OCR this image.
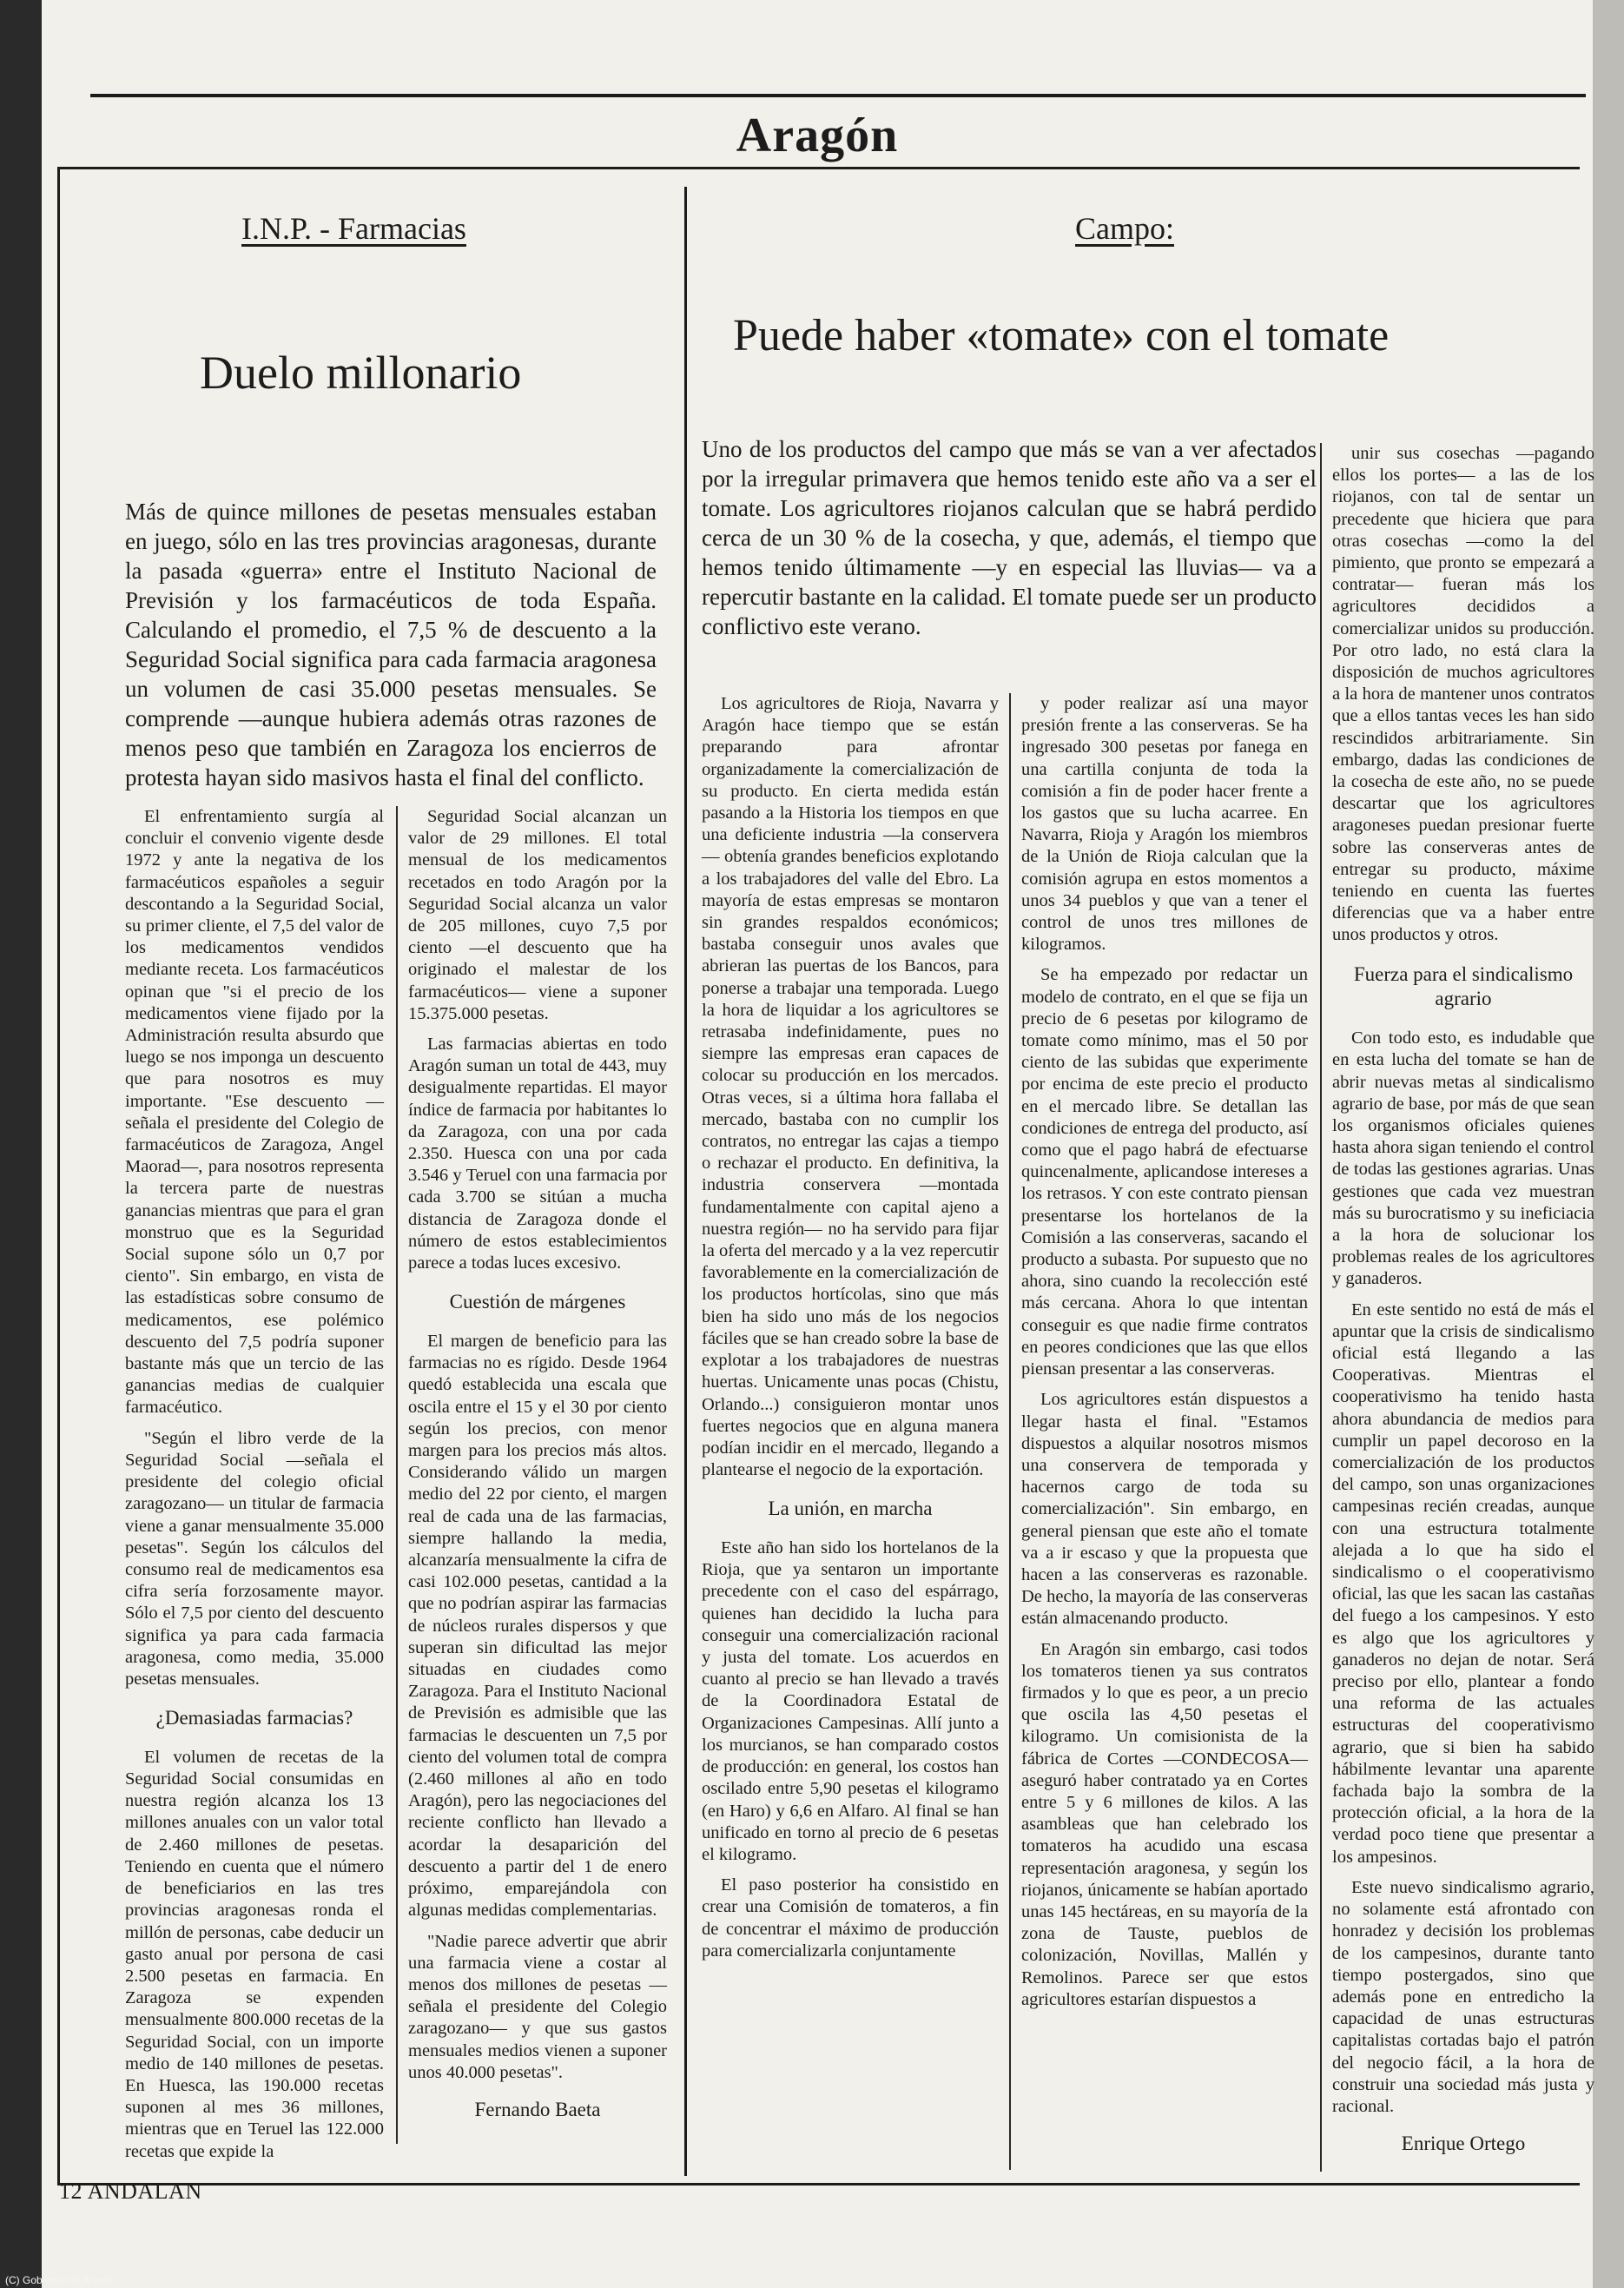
Aragón
I.N.P. - Farmacias
Duelo millonario

Más de quince millones de pesetas mensuales estaban en juego, sólo en las tres provincias aragonesas, durante la pasada «guerra» entre el Instituto Nacional de Previsión y los farmacéuticos de toda España. Calculando el promedio, el 7,5 % de descuento a la Seguridad Social significa para cada farmacia aragonesa un volumen de casi 35.000 pesetas mensuales. Se comprende —aunque hubiera además otras razones de menos peso que también en Zaragoza los encierros de protesta hayan sido masivos hasta el final del conflicto.

El enfrentamiento surgía al concluir el convenio vigente desde 1972 y ante la negativa de los farmacéuticos españoles a seguir descontando a la Seguridad Social, su primer cliente, el 7,5 del valor de los medicamentos vendidos mediante receta. Los farmacéuticos opinan que "si el precio de los medicamentos viene fijado por la Administración resulta absurdo que luego se nos imponga un descuento que para nosotros es muy importante. "Ese descuento —señala el presidente del Colegio de farmacéuticos de Zaragoza, Angel Maorad—, para nosotros representa la tercera parte de nuestras ganancias mientras que para el gran monstruo que es la Seguridad Social supone sólo un 0,7 por ciento". Sin embargo, en vista de las estadísticas sobre consumo de medicamentos, ese polémico descuento del 7,5 podría suponer bastante más que un tercio de las ganancias medias de cualquier farmacéutico.

"Según el libro verde de la Seguridad Social —señala el presidente del colegio oficial zaragozano— un titular de farmacia viene a ganar mensualmente 35.000 pesetas". Según los cálculos del consumo real de medicamentos esa cifra sería forzosamente mayor. Sólo el 7,5 por ciento del descuento significa ya para cada farmacia aragonesa, como media, 35.000 pesetas mensuales.

¿Demasiadas farmacias?

El volumen de recetas de la Seguridad Social consumidas en nuestra región alcanza los 13 millones anuales con un valor total de 2.460 millones de pesetas. Teniendo en cuenta que el número de beneficiarios en las tres provincias aragonesas ronda el millón de personas, cabe deducir un gasto anual por persona de casi 2.500 pesetas en farmacia. En Zaragoza se expenden mensualmente 800.000 recetas de la Seguridad Social, con un importe medio de 140 millones de pesetas. En Huesca, las 190.000 recetas suponen al mes 36 millones, mientras que en Teruel las 122.000 recetas que expide la

Seguridad Social alcanzan un valor de 29 millones. El total mensual de los medicamentos recetados en todo Aragón por la Seguridad Social alcanza un valor de 205 millones, cuyo 7,5 por ciento —el descuento que ha originado el malestar de los farmacéuticos— viene a suponer 15.375.000 pesetas.

Las farmacias abiertas en todo Aragón suman un total de 443, muy desigualmente repartidas. El mayor índice de farmacia por habitantes lo da Zaragoza, con una por cada 2.350. Huesca con una por cada 3.546 y Teruel con una farmacia por cada 3.700 se sitúan a mucha distancia de Zaragoza donde el número de estos establecimientos parece a todas luces excesivo.

Cuestión de márgenes

El margen de beneficio para las farmacias no es rígido. Desde 1964 quedó establecida una escala que oscila entre el 15 y el 30 por ciento según los precios, con menor margen para los precios más altos. Considerando válido un margen medio del 22 por ciento, el margen real de cada una de las farmacias, siempre hallando la media, alcanzaría mensualmente la cifra de casi 102.000 pesetas, cantidad a la que no podrían aspirar las farmacias de núcleos rurales dispersos y que superan sin dificultad las mejor situadas en ciudades como Zaragoza. Para el Instituto Nacional de Previsión es admisible que las farmacias le descuenten un 7,5 por ciento del volumen total de compra (2.460 millones al año en todo Aragón), pero las negociaciones del reciente conflicto han llevado a acordar la desaparición del descuento a partir del 1 de enero próximo, emparejándola con algunas medidas complementarias.

"Nadie parece advertir que abrir una farmacia viene a costar al menos dos millones de pesetas —señala el presidente del Colegio zaragozano— y que sus gastos mensuales medios vienen a suponer unos 40.000 pesetas".

Fernando Baeta
Campo:
Puede haber «tomate» con el tomate

Uno de los productos del campo que más se van a ver afectados por la irregular primavera que hemos tenido este año va a ser el tomate. Los agricultores riojanos calculan que se habrá perdido cerca de un 30 % de la cosecha, y que, además, el tiempo que hemos tenido últimamente —y en especial las lluvias— va a repercutir bastante en la calidad. El tomate puede ser un producto conflictivo este verano.

Los agricultores de Rioja, Navarra y Aragón hace tiempo que se están preparando para afrontar organizadamente la comercialización de su producto. En cierta medida están pasando a la Historia los tiempos en que una deficiente industria —la conservera— obtenía grandes beneficios explotando a los trabajadores del valle del Ebro. La mayoría de estas empresas se montaron sin grandes respaldos económicos; bastaba conseguir unos avales que abrieran las puertas de los Bancos, para ponerse a trabajar una temporada. Luego la hora de liquidar a los agricultores se retrasaba indefinidamente, pues no siempre las empresas eran capaces de colocar su producción en los mercados. Otras veces, si a última hora fallaba el mercado, bastaba con no cumplir los contratos, no entregar las cajas a tiempo o rechazar el producto. En definitiva, la industria conservera —montada fundamentalmente con capital ajeno a nuestra región— no ha servido para fijar la oferta del mercado y a la vez repercutir favorablemente en la comercialización de los productos hortícolas, sino que más bien ha sido uno más de los negocios fáciles que se han creado sobre la base de explotar a los trabajadores de nuestras huertas. Unicamente unas pocas (Chistu, Orlando...) consiguieron montar unos fuertes negocios que en alguna manera podían incidir en el mercado, llegando a plantearse el negocio de la exportación.

La unión, en marcha

Este año han sido los hortelanos de la Rioja, que ya sentaron un importante precedente con el caso del espárrago, quienes han decidido la lucha para conseguir una comercialización racional y justa del tomate. Los acuerdos en cuanto al precio se han llevado a través de la Coordinadora Estatal de Organizaciones Campesinas. Allí junto a los murcianos, se han comparado costos de producción: en general, los costos han oscilado entre 5,90 pesetas el kilogramo (en Haro) y 6,6 en Alfaro. Al final se han unificado en torno al precio de 6 pesetas el kilogramo.

El paso posterior ha consistido en crear una Comisión de tomateros, a fin de concentrar el máximo de producción para comercializarla conjuntamente

y poder realizar así una mayor presión frente a las conserveras. Se ha ingresado 300 pesetas por fanega en una cartilla conjunta de toda la comisión a fin de poder hacer frente a los gastos que su lucha acarree. En Navarra, Rioja y Aragón los miembros de la Unión de Rioja calculan que la comisión agrupa en estos momentos a unos 34 pueblos y que van a tener el control de unos tres millones de kilogramos.

Se ha empezado por redactar un modelo de contrato, en el que se fija un precio de 6 pesetas por kilogramo de tomate como mínimo, mas el 50 por ciento de las subidas que experimente por encima de este precio el producto en el mercado libre. Se detallan las condiciones de entrega del producto, así como que el pago habrá de efectuarse quincenalmente, aplicandose intereses a los retrasos. Y con este contrato piensan presentarse los hortelanos de la Comisión a las conserveras, sacando el producto a subasta. Por supuesto que no ahora, sino cuando la recolección esté más cercana. Ahora lo que intentan conseguir es que nadie firme contratos en peores condiciones que las que ellos piensan presentar a las conserveras.

Los agricultores están dispuestos a llegar hasta el final. "Estamos dispuestos a alquilar nosotros mismos una conservera de temporada y hacernos cargo de toda su comercialización". Sin embargo, en general piensan que este año el tomate va a ir escaso y que la propuesta que hacen a las conserveras es razonable. De hecho, la mayoría de las conserveras están almacenando producto.

En Aragón sin embargo, casi todos los tomateros tienen ya sus contratos firmados y lo que es peor, a un precio que oscila las 4,50 pesetas el kilogramo. Un comisionista de la fábrica de Cortes —CONDECOSA— aseguró haber contratado ya en Cortes entre 5 y 6 millones de kilos. A las asambleas que han celebrado los tomateros ha acudido una escasa representación aragonesa, y según los riojanos, únicamente se habían aportado unas 145 hectáreas, en su mayoría de la zona de Tauste, pueblos de colonización, Novillas, Mallén y Remolinos. Parece ser que estos agricultores estarían dispuestos a

unir sus cosechas —pagando ellos los portes— a las de los riojanos, con tal de sentar un precedente que hiciera que para otras cosechas —como la del pimiento, que pronto se empezará a contratar— fueran más los agricultores decididos a comercializar unidos su producción. Por otro lado, no está clara la disposición de muchos agricultores a la hora de mantener unos contratos que a ellos tantas veces les han sido rescindidos arbitrariamente. Sin embargo, dadas las condiciones de la cosecha de este año, no se puede descartar que los agricultores aragoneses puedan presionar fuerte sobre las conserveras antes de entregar su producto, máxime teniendo en cuenta las fuertes diferencias que va a haber entre unos productos y otros.

Fuerza para el sindicalismo agrario

Con todo esto, es indudable que en esta lucha del tomate se han de abrir nuevas metas al sindicalismo agrario de base, por más de que sean los organismos oficiales quienes hasta ahora sigan teniendo el control de todas las gestiones agrarias. Unas gestiones que cada vez muestran más su burocratismo y su ineficiacia a la hora de solucionar los problemas reales de los agricultores y ganaderos.

En este sentido no está de más el apuntar que la crisis de sindicalismo oficial está llegando a las Cooperativas. Mientras el cooperativismo ha tenido hasta ahora abundancia de medios para cumplir un papel decoroso en la comercialización de los productos del campo, son unas organizaciones campesinas recién creadas, aunque con una estructura totalmente alejada a lo que ha sido el sindicalismo o el cooperativismo oficial, las que les sacan las castañas del fuego a los campesinos. Y esto es algo que los agricultores y ganaderos no dejan de notar. Será preciso por ello, plantear a fondo una reforma de las actuales estructuras del cooperativismo agrario, que si bien ha sabido hábilmente levantar una aparente fachada bajo la sombra de la protección oficial, a la hora de la verdad poco tiene que presentar a los ampesinos.

Este nuevo sindicalismo agrario, no solamente está afrontado con honradez y decisión los problemas de los campesinos, durante tanto tiempo postergados, sino que además pone en entredicho la capacidad de unas estructuras capitalistas cortadas bajo el patrón del negocio fácil, a la hora de construir una sociedad más justa y racional.

Enrique Ortego
12 ANDALAN
(C) Gobierno de Aragón
